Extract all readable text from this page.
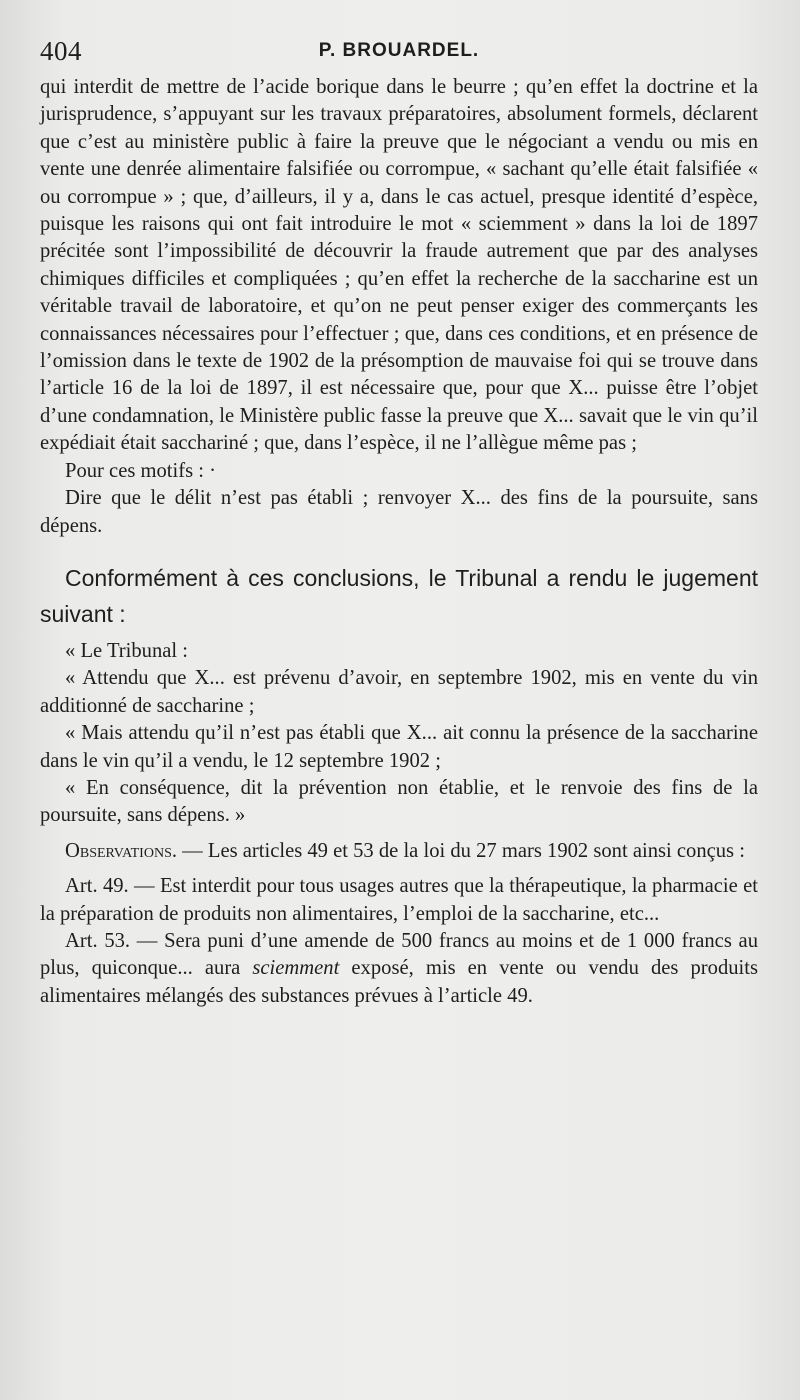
404	P. BROUARDEL.

qui interdit de mettre de l’acide borique dans le beurre ; qu’en effet la doctrine et la jurisprudence, s’appuyant sur les travaux préparatoires, absolument formels, déclarent que c’est au ministère public à faire la preuve que le négociant a vendu ou mis en vente une denrée alimentaire falsifiée ou corrompue, « sachant qu’elle était falsifiée « ou corrompue » ; que, d’ailleurs, il y a, dans le cas actuel, presque identité d’espèce, puisque les raisons qui ont fait introduire le mot « sciemment » dans la loi de 1897 précitée sont l’impossibilité de découvrir la fraude autrement que par des analyses chimiques difficiles et compliquées ; qu’en effet la recherche de la saccharine est un véritable travail de laboratoire, et qu’on ne peut penser exiger des commerçants les connaissances nécessaires pour l’effectuer ; que, dans ces conditions, et en présence de l’omission dans le texte de 1902 de la présomption de mauvaise foi qui se trouve dans l’article 16 de la loi de 1897, il est nécessaire que, pour que X... puisse être l’objet d’une condamnation, le Ministère public fasse la preuve que X... savait que le vin qu’il expédiait était sacchariné ; que, dans l’espèce, il ne l’allègue même pas ;

Pour ces motifs : ·

Dire que le délit n’est pas établi ; renvoyer X... des fins de la poursuite, sans dépens.

Conformément à ces conclusions, le Tribunal a rendu le jugement suivant :

« Le Tribunal :

« Attendu que X... est prévenu d’avoir, en septembre 1902, mis en vente du vin additionné de saccharine ;

« Mais attendu qu’il n’est pas établi que X... ait connu la présence de la saccharine dans le vin qu’il a vendu, le 12 septembre 1902 ;

« En conséquence, dit la prévention non établie, et le renvoie des fins de la poursuite, sans dépens. »

Observations. — Les articles 49 et 53 de la loi du 27 mars 1902 sont ainsi conçus :

Art. 49. — Est interdit pour tous usages autres que la thérapeutique, la pharmacie et la préparation de produits non alimentaires, l’emploi de la saccharine, etc...

Art. 53. — Sera puni d’une amende de 500 francs au moins et de 1 000 francs au plus, quiconque... aura sciemment exposé, mis en vente ou vendu des produits alimentaires mélangés des substances prévues à l’article 49.
